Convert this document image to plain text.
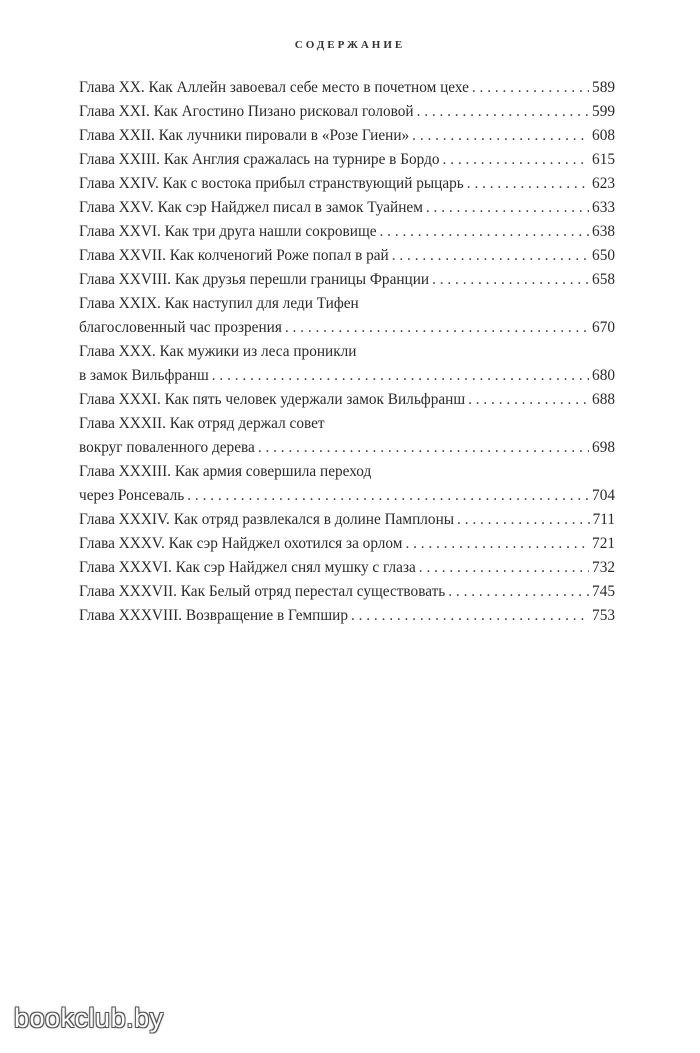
СОДЕРЖАНИЕ
Глава XX. Как Аллейн завоевал себе место в почетном цехе . . .	589
Глава XXI. Как Агостино Пизано рисковал головой . . .	599
Глава XXII. Как лучники пировали в «Розе Гиени» . . .	608
Глава XXIII. Как Англия сражалась на турнире в Бордо . . .	615
Глава XXIV. Как с востока прибыл странствующий рыцарь . . .	623
Глава XXV. Как сэр Найджел писал в замок Туайнем . . .	633
Глава XXVI. Как три друга нашли сокровище . . .	638
Глава XXVII. Как колченогий Роже попал в рай . . .	650
Глава XXVIII. Как друзья перешли границы Франции . . .	658
Глава XXIX. Как наступил для леди Тифен
благословенный час прозрения . . .	670
Глава XXX. Как мужики из леса проникли
в замок Вильфранш . . .	680
Глава XXXI. Как пять человек удержали замок Вильфранш . . .	688
Глава XXXII. Как отряд держал совет
вокруг поваленного дерева . . .	698
Глава XXXIII. Как армия совершила переход
через Ронсеваль . . .	704
Глава XXXIV. Как отряд развлекался в долине Памплоны . . .	711
Глава XXXV. Как сэр Найджел охотился за орлом . . .	721
Глава XXXVI. Как сэр Найджел снял мушку с глаза . . .	732
Глава XXXVII. Как Белый отряд перестал существовать . . .	745
Глава XXXVIII. Возвращение в Гемпшир . . .	753
bookclub.by
